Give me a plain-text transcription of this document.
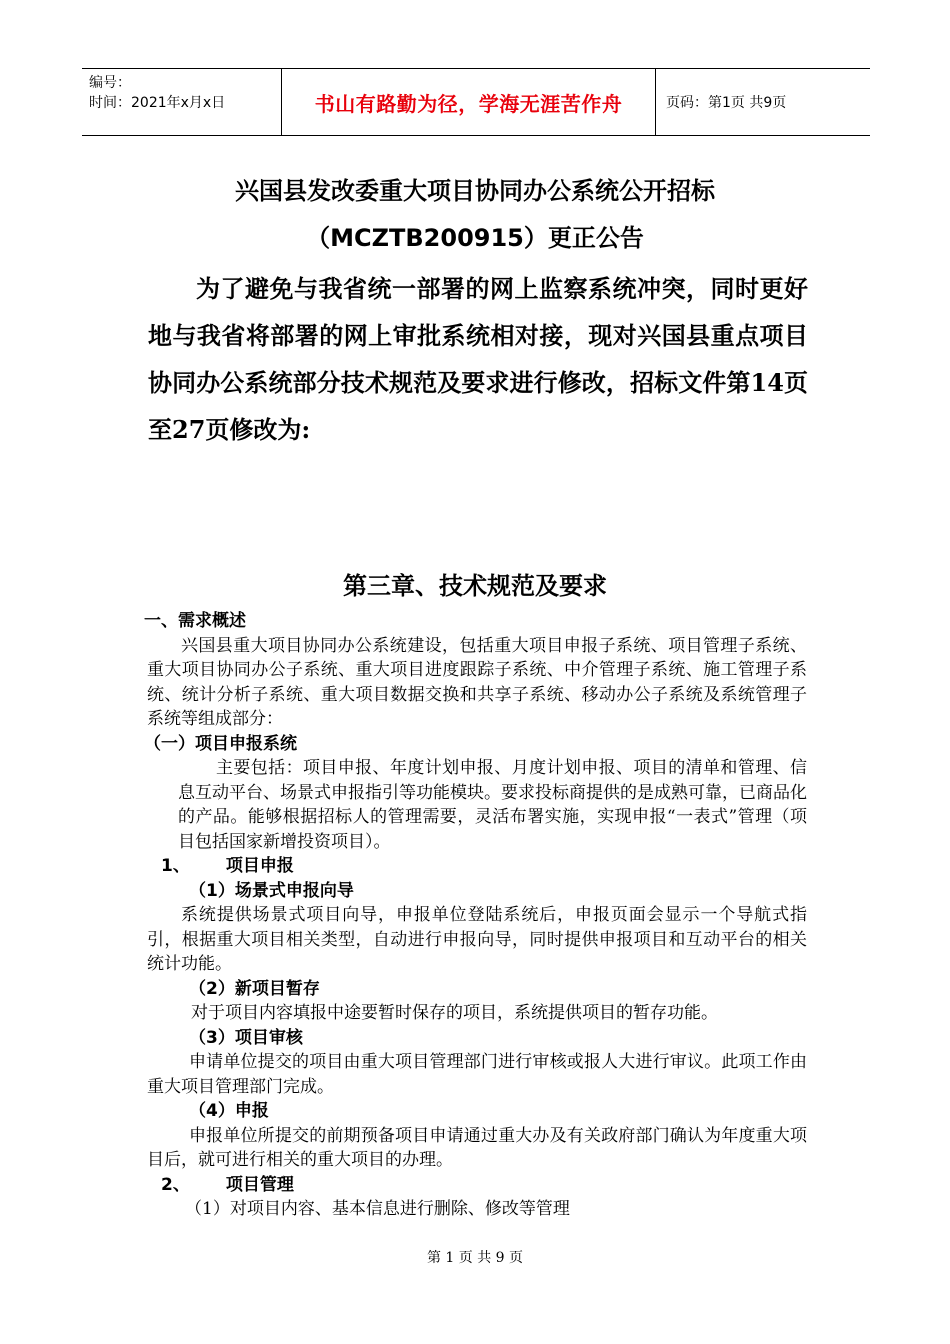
编号：
时间：2021年x月x日	书山有路勤为径，学海无涯苦作舟	页码：第1页 共9页
兴国县发改委重大项目协同办公系统公开招标
（MCZTB200915）更正公告

为了避免与我省统一部署的网上监察系统冲突，同时更好地与我省将部署的网上审批系统相对接，现对兴国县重点项目协同办公系统部分技术规范及要求进行修改，招标文件第14页至27页修改为:

第三章、技术规范及要求

一、需求概述

兴国县重大项目协同办公系统建设，包括重大项目申报子系统、项目管理子系统、重大项目协同办公子系统、重大项目进度跟踪子系统、中介管理子系统、施工管理子系统、统计分析子系统、重大项目数据交换和共享子系统、移动办公子系统及系统管理子系统等组成部分：

（一）项目申报系统

主要包括：项目申报、年度计划申报、月度计划申报、项目的清单和管理、信息互动平台、场景式申报指引等功能模块。要求投标商提供的是成熟可靠，已商品化的产品。能够根据招标人的管理需要，灵活布署实施，实现申报“一表式”管理（项目包括国家新增投资项目）。

1、 项目申报

（1）场景式申报向导

系统提供场景式项目向导，申报单位登陆系统后，申报页面会显示一个导航式指引，根据重大项目相关类型，自动进行申报向导，同时提供申报项目和互动平台的相关统计功能。

（2）新项目暂存

对于项目内容填报中途要暂时保存的项目，系统提供项目的暂存功能。

（3）项目审核

申请单位提交的项目由重大项目管理部门进行审核或报人大进行审议。此项工作由重大项目管理部门完成。

（4）申报

申报单位所提交的前期预备项目申请通过重大办及有关政府部门确认为年度重大项目后，就可进行相关的重大项目的办理。

2、 项目管理

（1）对项目内容、基本信息进行删除、修改等管理

第 1 页 共 9 页
